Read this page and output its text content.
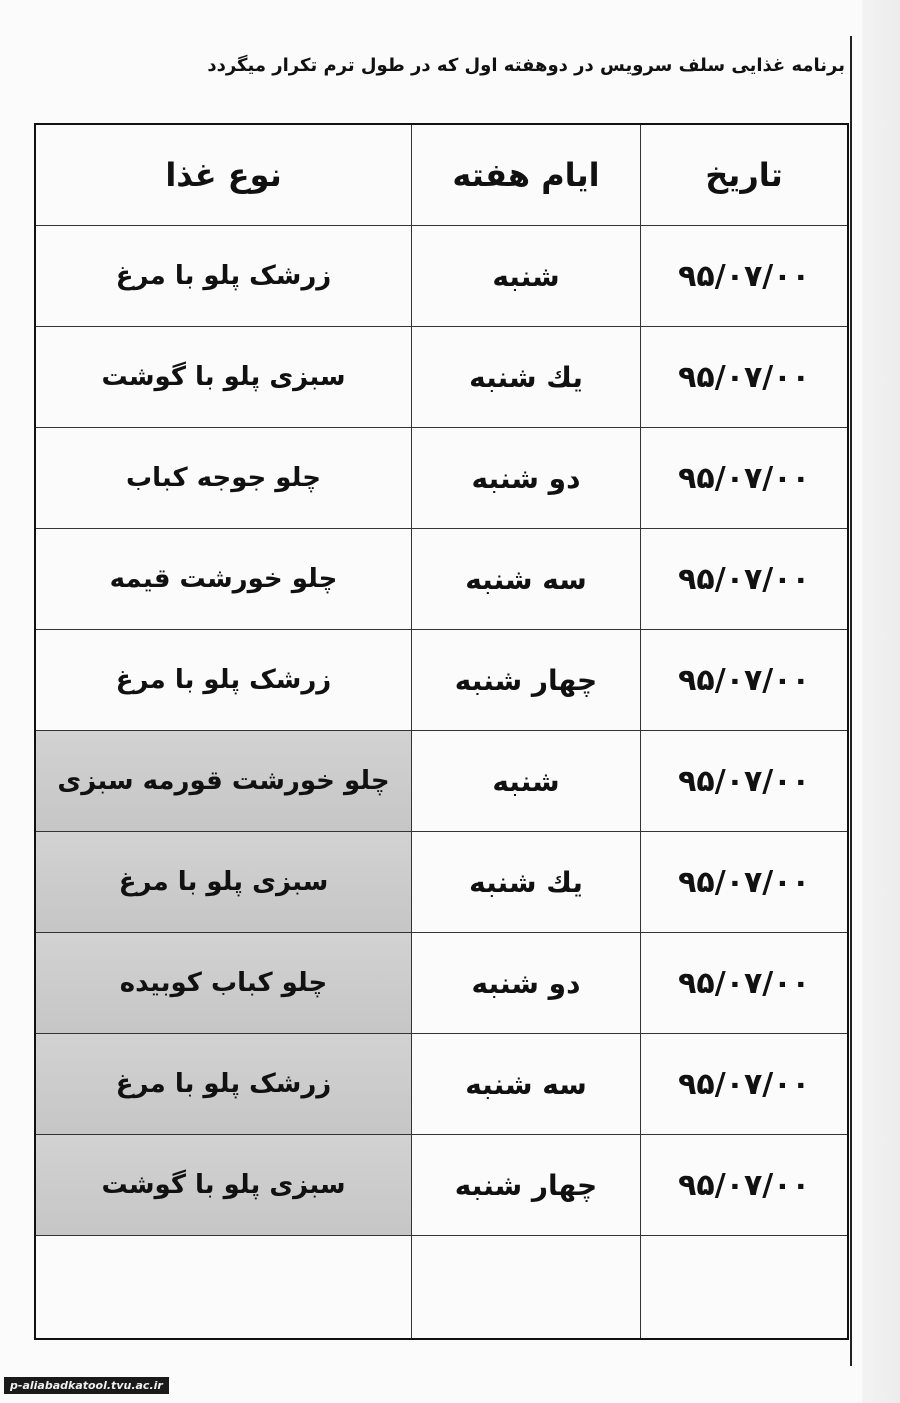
برنامه غذایی سلف سرویس در دوهفته اول که در طول ترم تکرار میگردد
نوع غذا	ایام هفته	تاریخ
زرشک پلو با مرغ	شنبه	۹۵/۰۷/۰۰
سبزی پلو با گوشت	یك شنبه	۹۵/۰۷/۰۰
چلو جوجه کباب	دو شنبه	۹۵/۰۷/۰۰
چلو خورشت قیمه	سه شنبه	۹۵/۰۷/۰۰
زرشک پلو با مرغ	چهار شنبه	۹۵/۰۷/۰۰
چلو خورشت قورمه سبزی	شنبه	۹۵/۰۷/۰۰
سبزی پلو با مرغ	یك شنبه	۹۵/۰۷/۰۰
چلو کباب کوبیده	دو شنبه	۹۵/۰۷/۰۰
زرشک پلو با مرغ	سه شنبه	۹۵/۰۷/۰۰
سبزی پلو با گوشت	چهار شنبه	۹۵/۰۷/۰۰
p-aliabadkatool.tvu.ac.ir
